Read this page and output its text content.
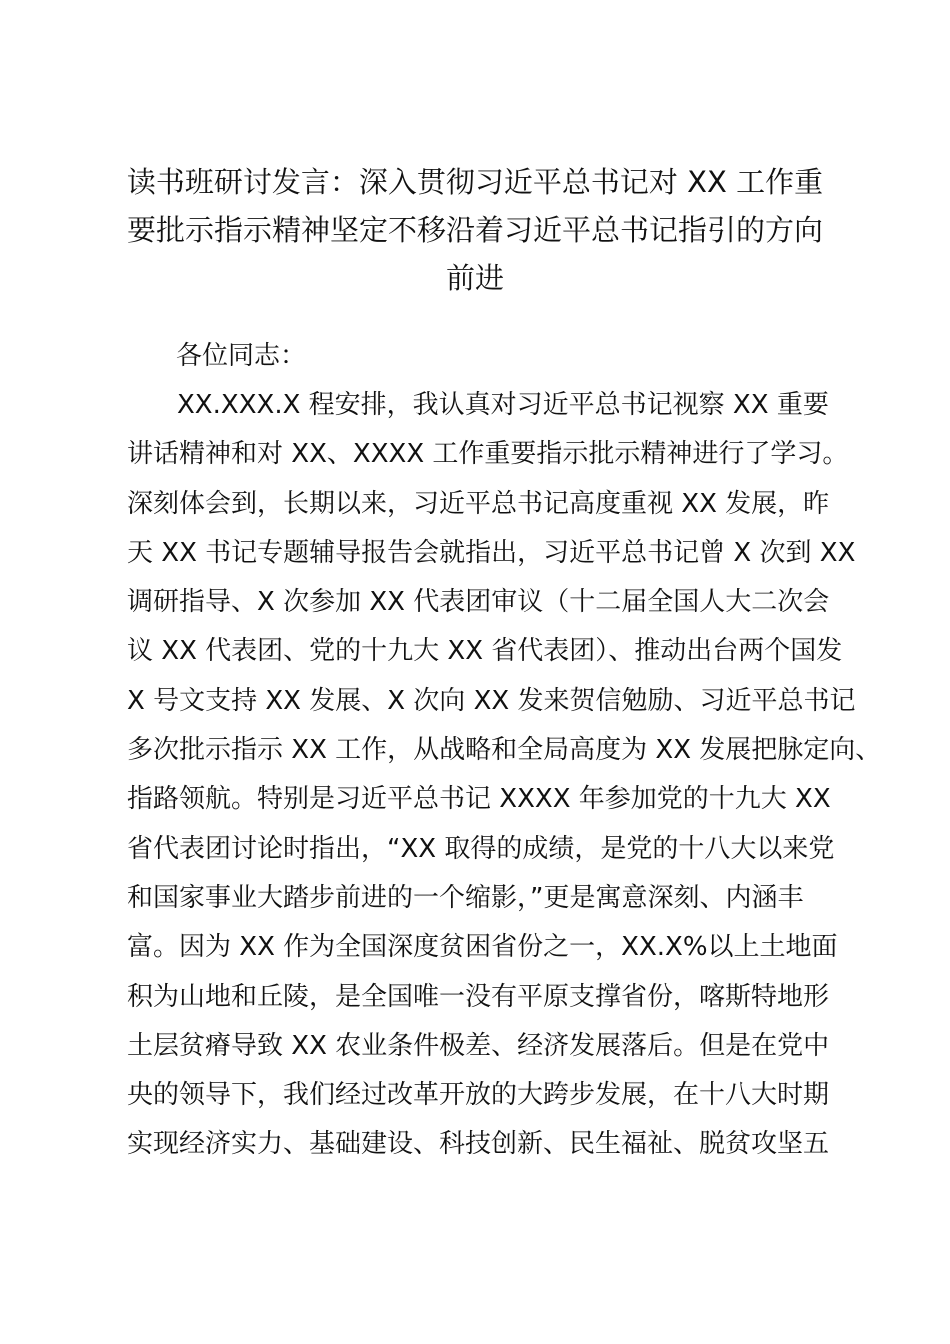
读书班研讨发言：深入贯彻习近平总书记对 XX 工作重
要批示指示精神坚定不移沿着习近平总书记指引的方向
前进

各位同志：

XX.XXX.X 程安排，我认真对习近平总书记视察 XX 重要
讲话精神和对 XX、XXXX 工作重要指示批示精神进行了学习。
深刻体会到，长期以来，习近平总书记高度重视 XX 发展，昨
天 XX 书记专题辅导报告会就指出，习近平总书记曾 X 次到 XX
调研指导、X 次参加 XX 代表团审议（十二届全国人大二次会
议 XX 代表团、党的十九大 XX 省代表团）、推动出台两个国发
X 号文支持 XX 发展、X 次向 XX 发来贺信勉励、习近平总书记
多次批示指示 XX 工作，从战略和全局高度为 XX 发展把脉定向、
指路领航。特别是习近平总书记 XXXX 年参加党的十九大 XX
省代表团讨论时指出，“XX 取得的成绩，是党的十八大以来党
和国家事业大踏步前进的一个缩影，”更是寓意深刻、内涵丰
富。因为 XX 作为全国深度贫困省份之一，XX.X%以上土地面
积为山地和丘陵，是全国唯一没有平原支撑省份，喀斯特地形
土层贫瘠导致 XX 农业条件极差、经济发展落后。但是在党中
央的领导下，我们经过改革开放的大跨步发展，在十八大时期
实现经济实力、基础建设、科技创新、民生福祉、脱贫攻坚五
